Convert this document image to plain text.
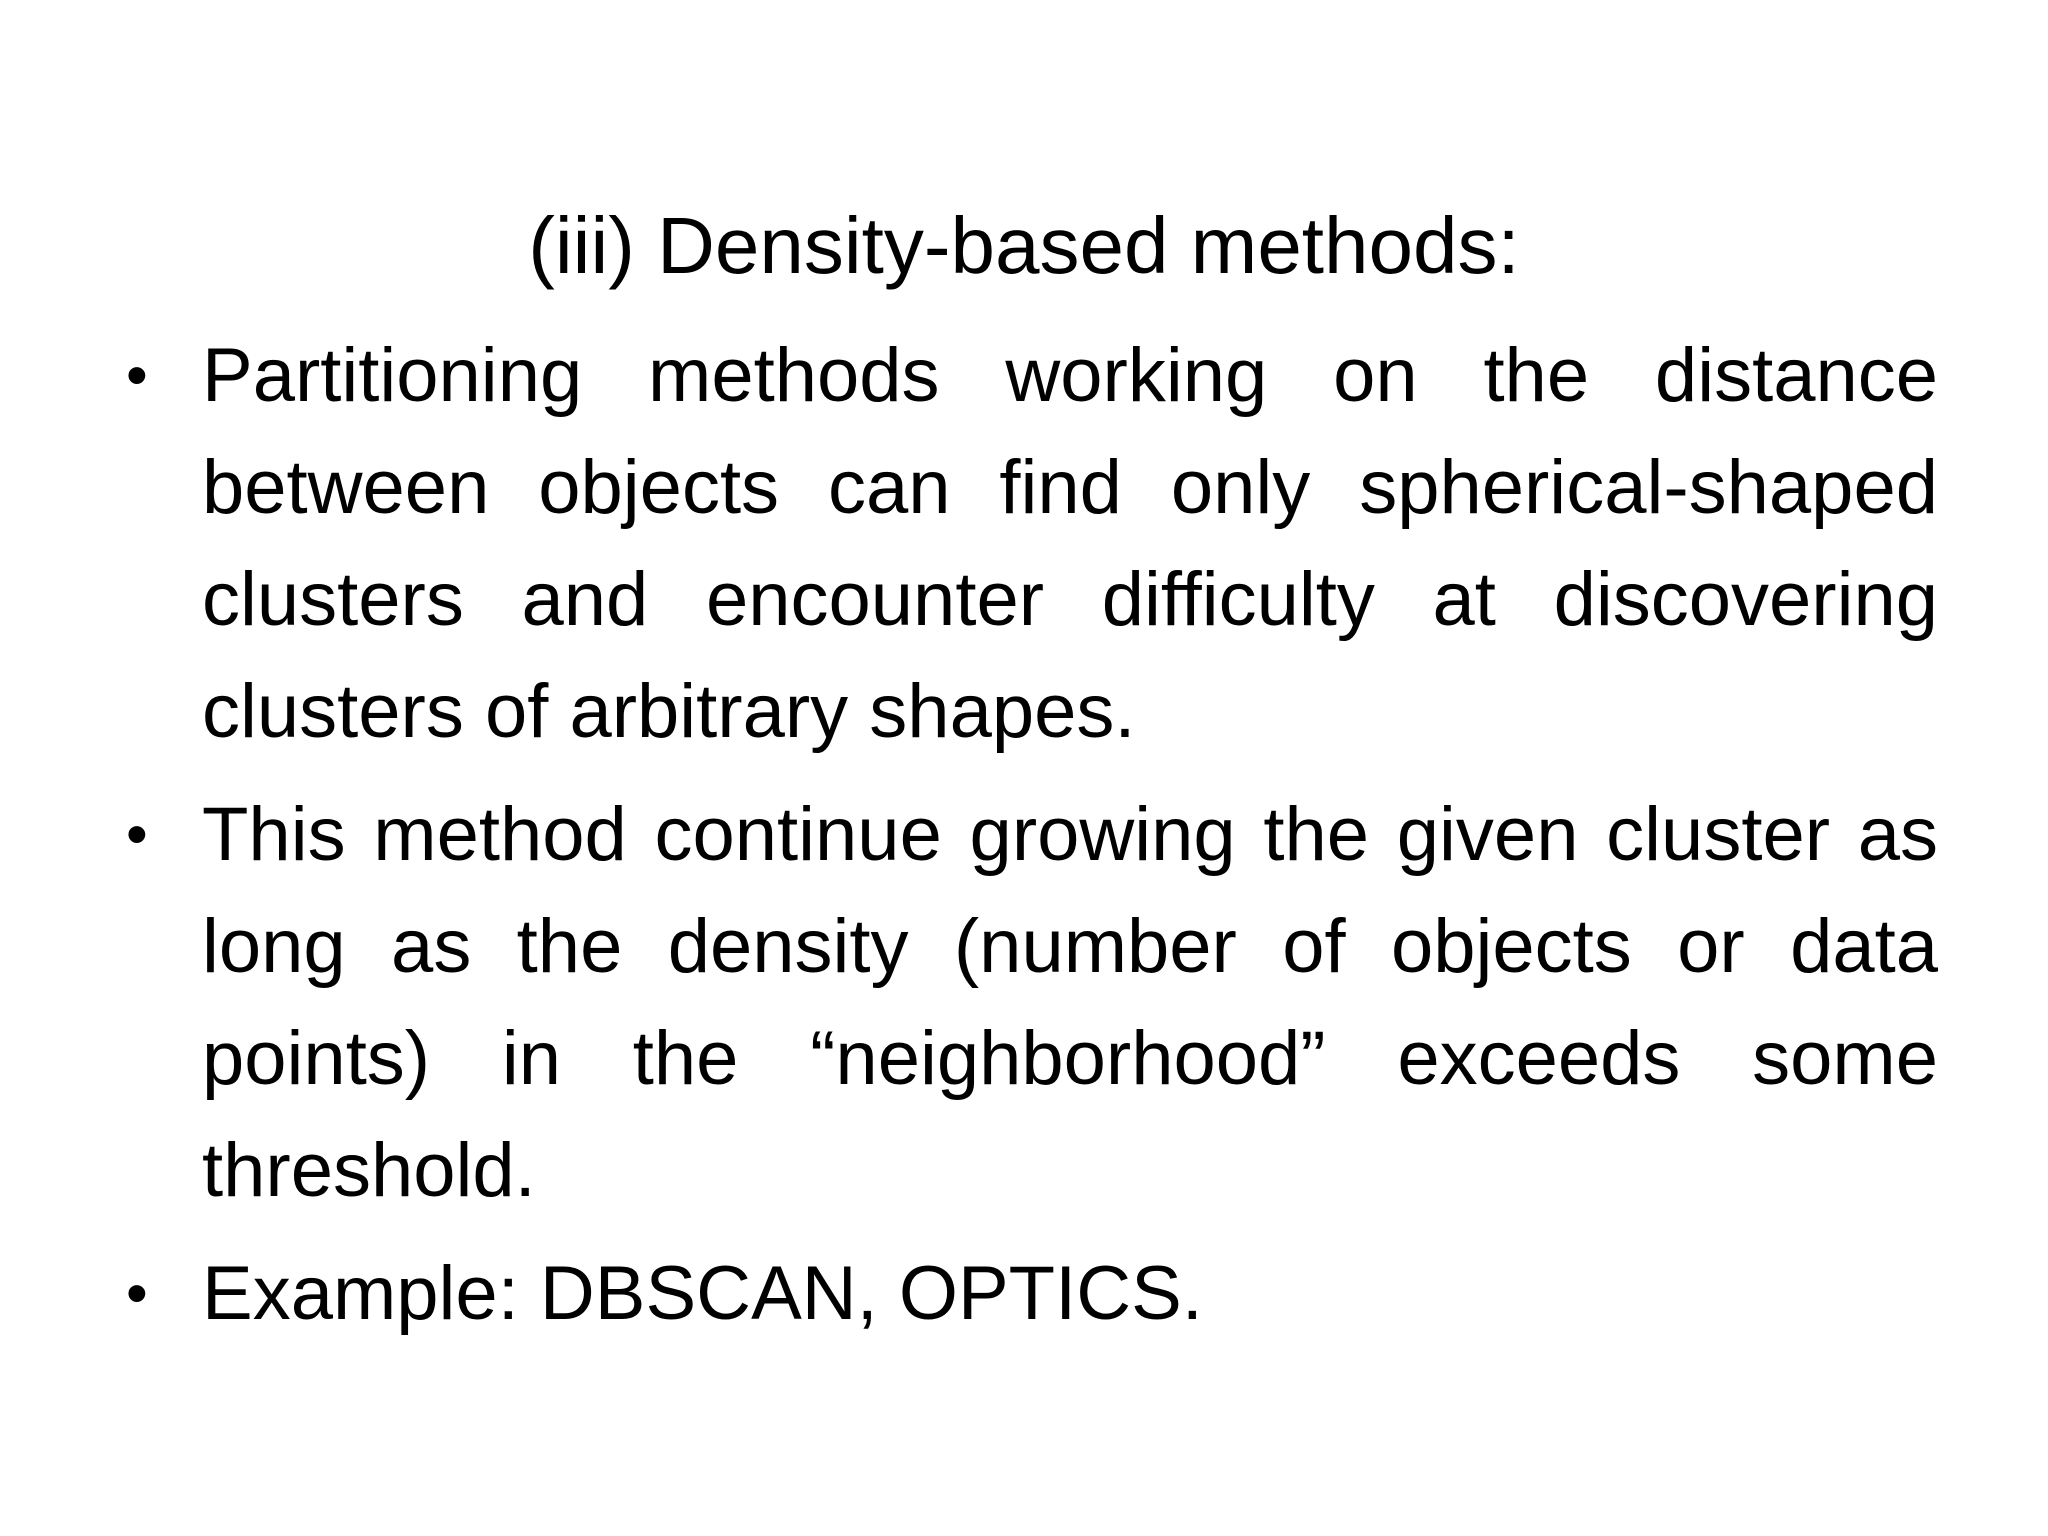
(iii) Density-based methods:
• Partitioning methods working on the distance between objects can find only spherical-shaped clusters and encounter difficulty at discovering clusters of arbitrary shapes.
• This method continue growing the given cluster as long as the density (number of objects or data points) in the “neighborhood” exceeds some threshold.
• Example: DBSCAN, OPTICS.
